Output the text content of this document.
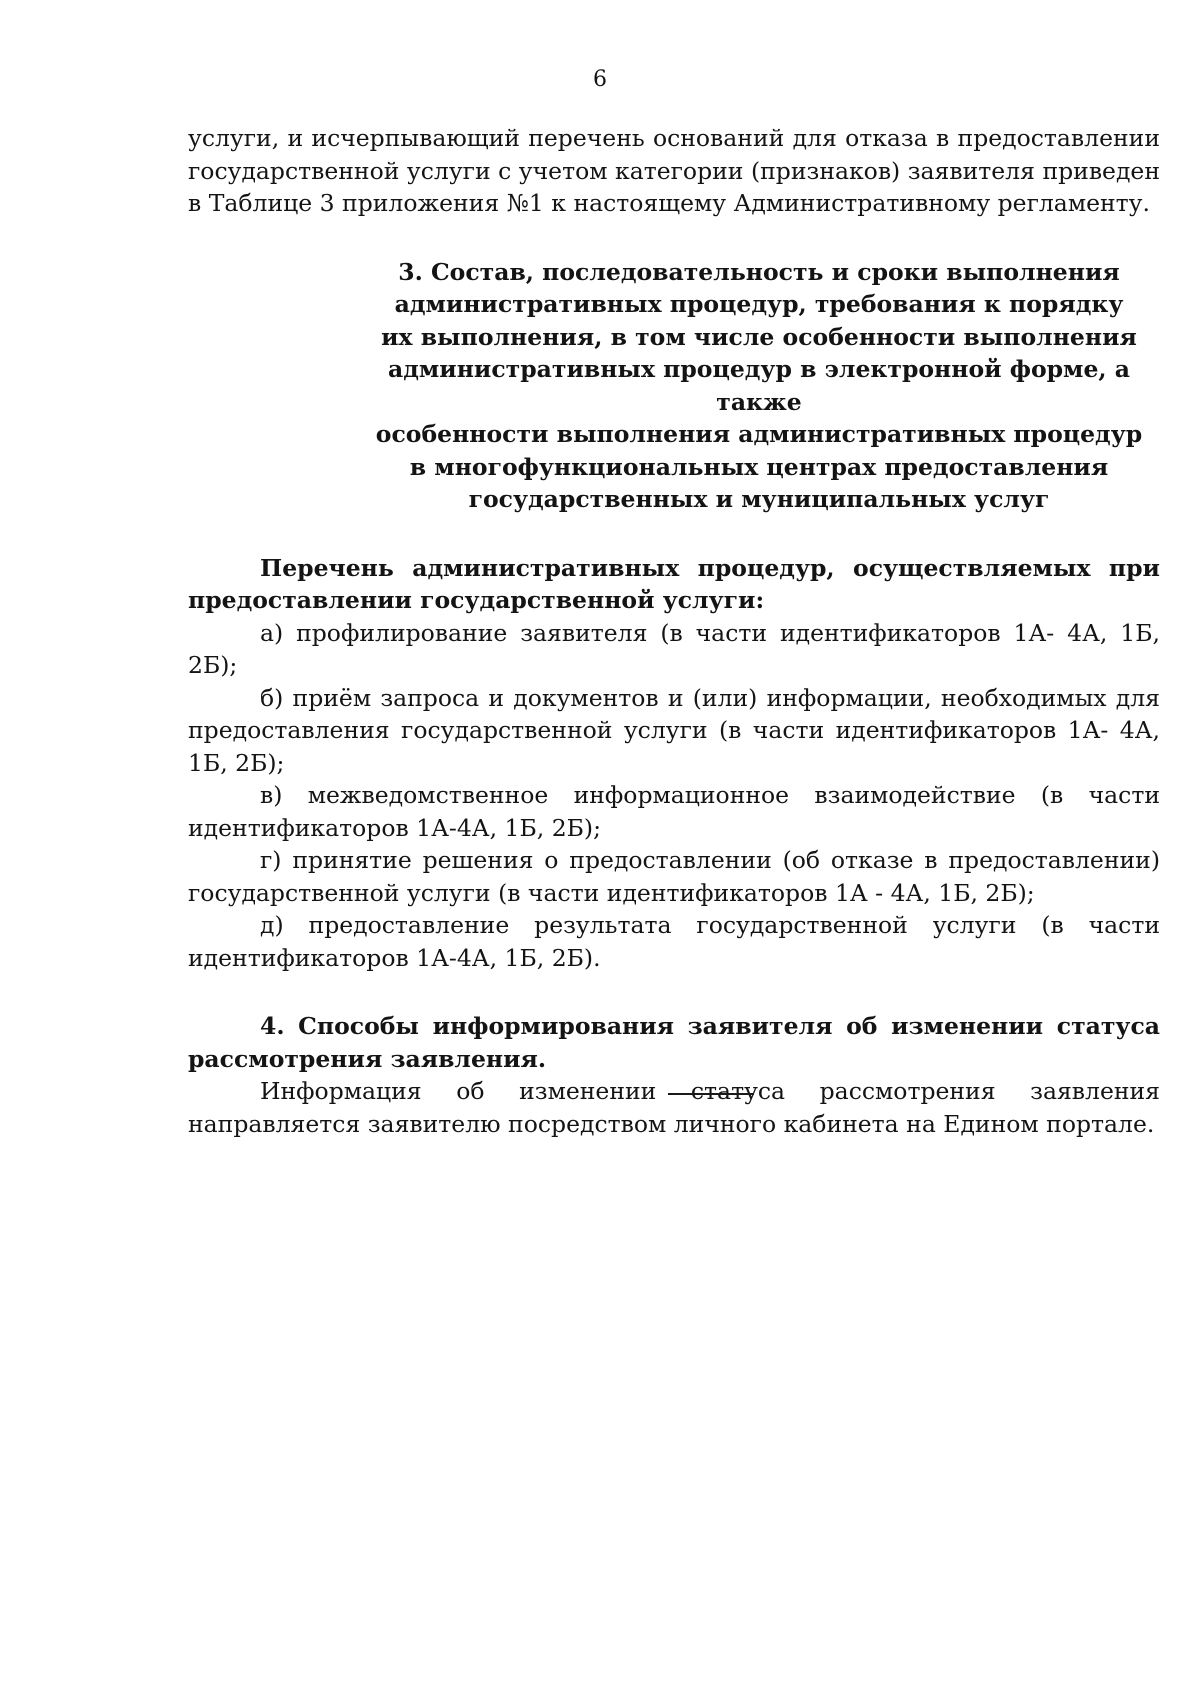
6

услуги, и исчерпывающий перечень оснований для отказа в предоставлении государственной услуги с учетом категории (признаков) заявителя приведен в Таблице 3 приложения №1 к настоящему Административному регламенту.

3. Состав, последовательность и сроки выполнения
административных процедур, требования к порядку
их выполнения, в том числе особенности выполнения
административных процедур в электронной форме, а также
особенности выполнения административных процедур
в многофункциональных центрах предоставления
государственных и муниципальных услуг

Перечень административных процедур, осуществляемых при предоставлении государственной услуги:

а) профилирование заявителя (в части идентификаторов 1А- 4А, 1Б, 2Б);

б) приём запроса и документов и (или) информации, необходимых для предоставления государственной услуги (в части идентификаторов 1А- 4А, 1Б, 2Б);

в) межведомственное информационное взаимодействие (в части идентификаторов 1А-4А, 1Б, 2Б);

г) принятие решения о предоставлении (об отказе в предоставлении) государственной услуги (в части идентификаторов 1А - 4А, 1Б, 2Б);

д) предоставление результата государственной услуги (в части идентификаторов 1А-4А, 1Б, 2Б).

4. Способы информирования заявителя об изменении статуса рассмотрения заявления.

Информация об изменении статуса рассмотрения заявления направляется заявителю посредством личного кабинета на Едином портале.
